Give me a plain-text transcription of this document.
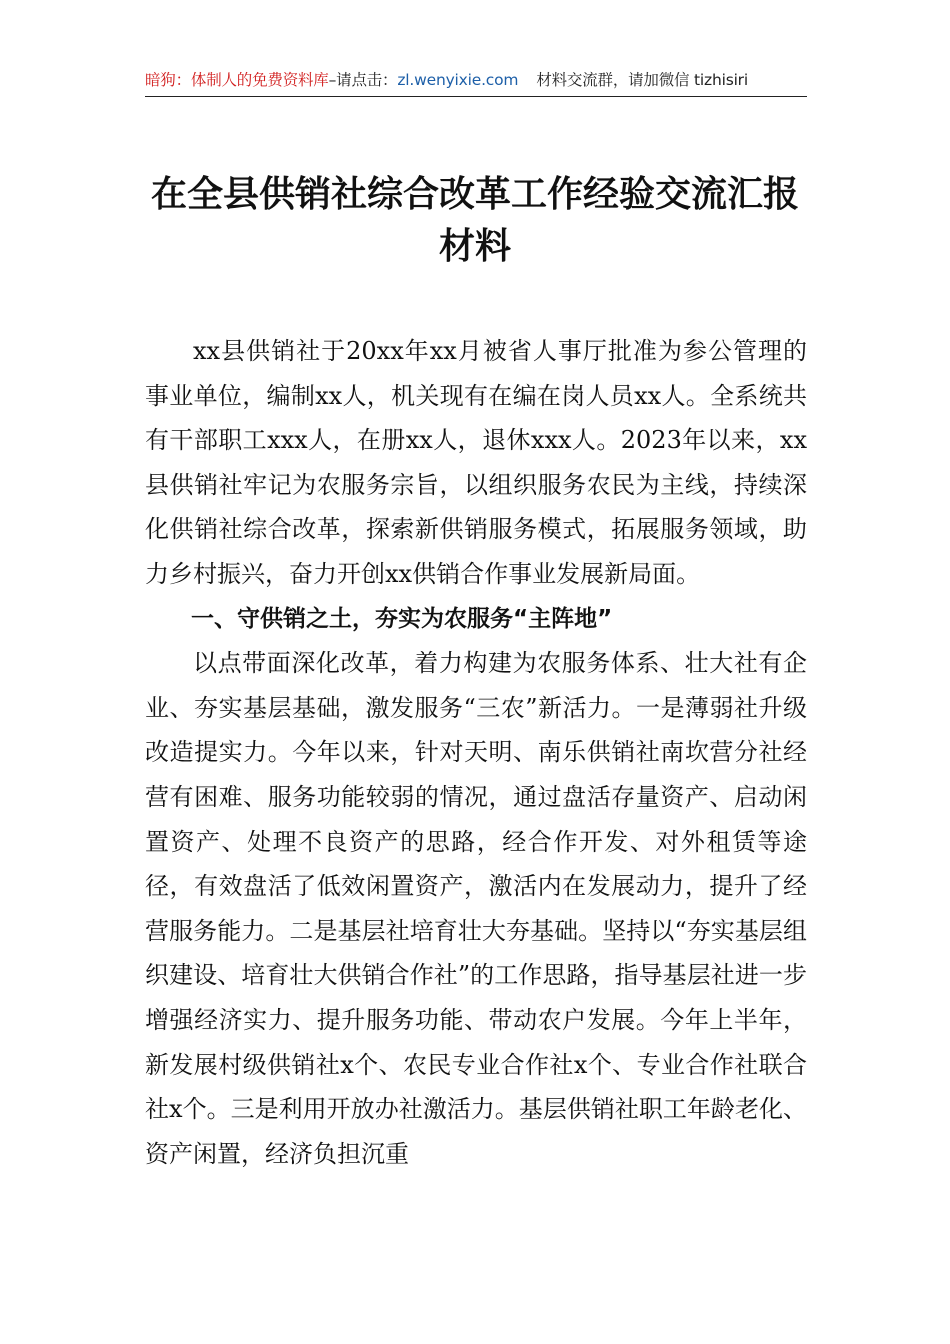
暗狗：体制人的免费资料库–请点击：zl.wenyixie.com 材料交流群，请加微信 tizhisiri
在全县供销社综合改革工作经验交流汇报
材料

xx县供销社于20xx年xx月被省人事厅批准为参公管理的事业单位，编制xx人，机关现有在编在岗人员xx人。全系统共有干部职工xxx人，在册xx人，退休xxx人。2023年以来，xx县供销社牢记为农服务宗旨，以组织服务农民为主线，持续深化供销社综合改革，探索新供销服务模式，拓展服务领域，助力乡村振兴，奋力开创xx供销合作事业发展新局面。

一、守供销之土，夯实为农服务“主阵地”

以点带面深化改革，着力构建为农服务体系、壮大社有企业、夯实基层基础，激发服务“三农”新活力。一是薄弱社升级改造提实力。今年以来，针对天明、南乐供销社南坎营分社经营有困难、服务功能较弱的情况，通过盘活存量资产、启动闲置资产、处理不良资产的思路，经合作开发、对外租赁等途径，有效盘活了低效闲置资产，激活内在发展动力，提升了经营服务能力。二是基层社培育壮大夯基础。坚持以“夯实基层组织建设、培育壮大供销合作社”的工作思路，指导基层社进一步增强经济实力、提升服务功能、带动农户发展。今年上半年，新发展村级供销社x个、农民专业合作社x个、专业合作社联合社x个。三是利用开放办社激活力。基层供销社职工年龄老化、资产闲置，经济负担沉重
